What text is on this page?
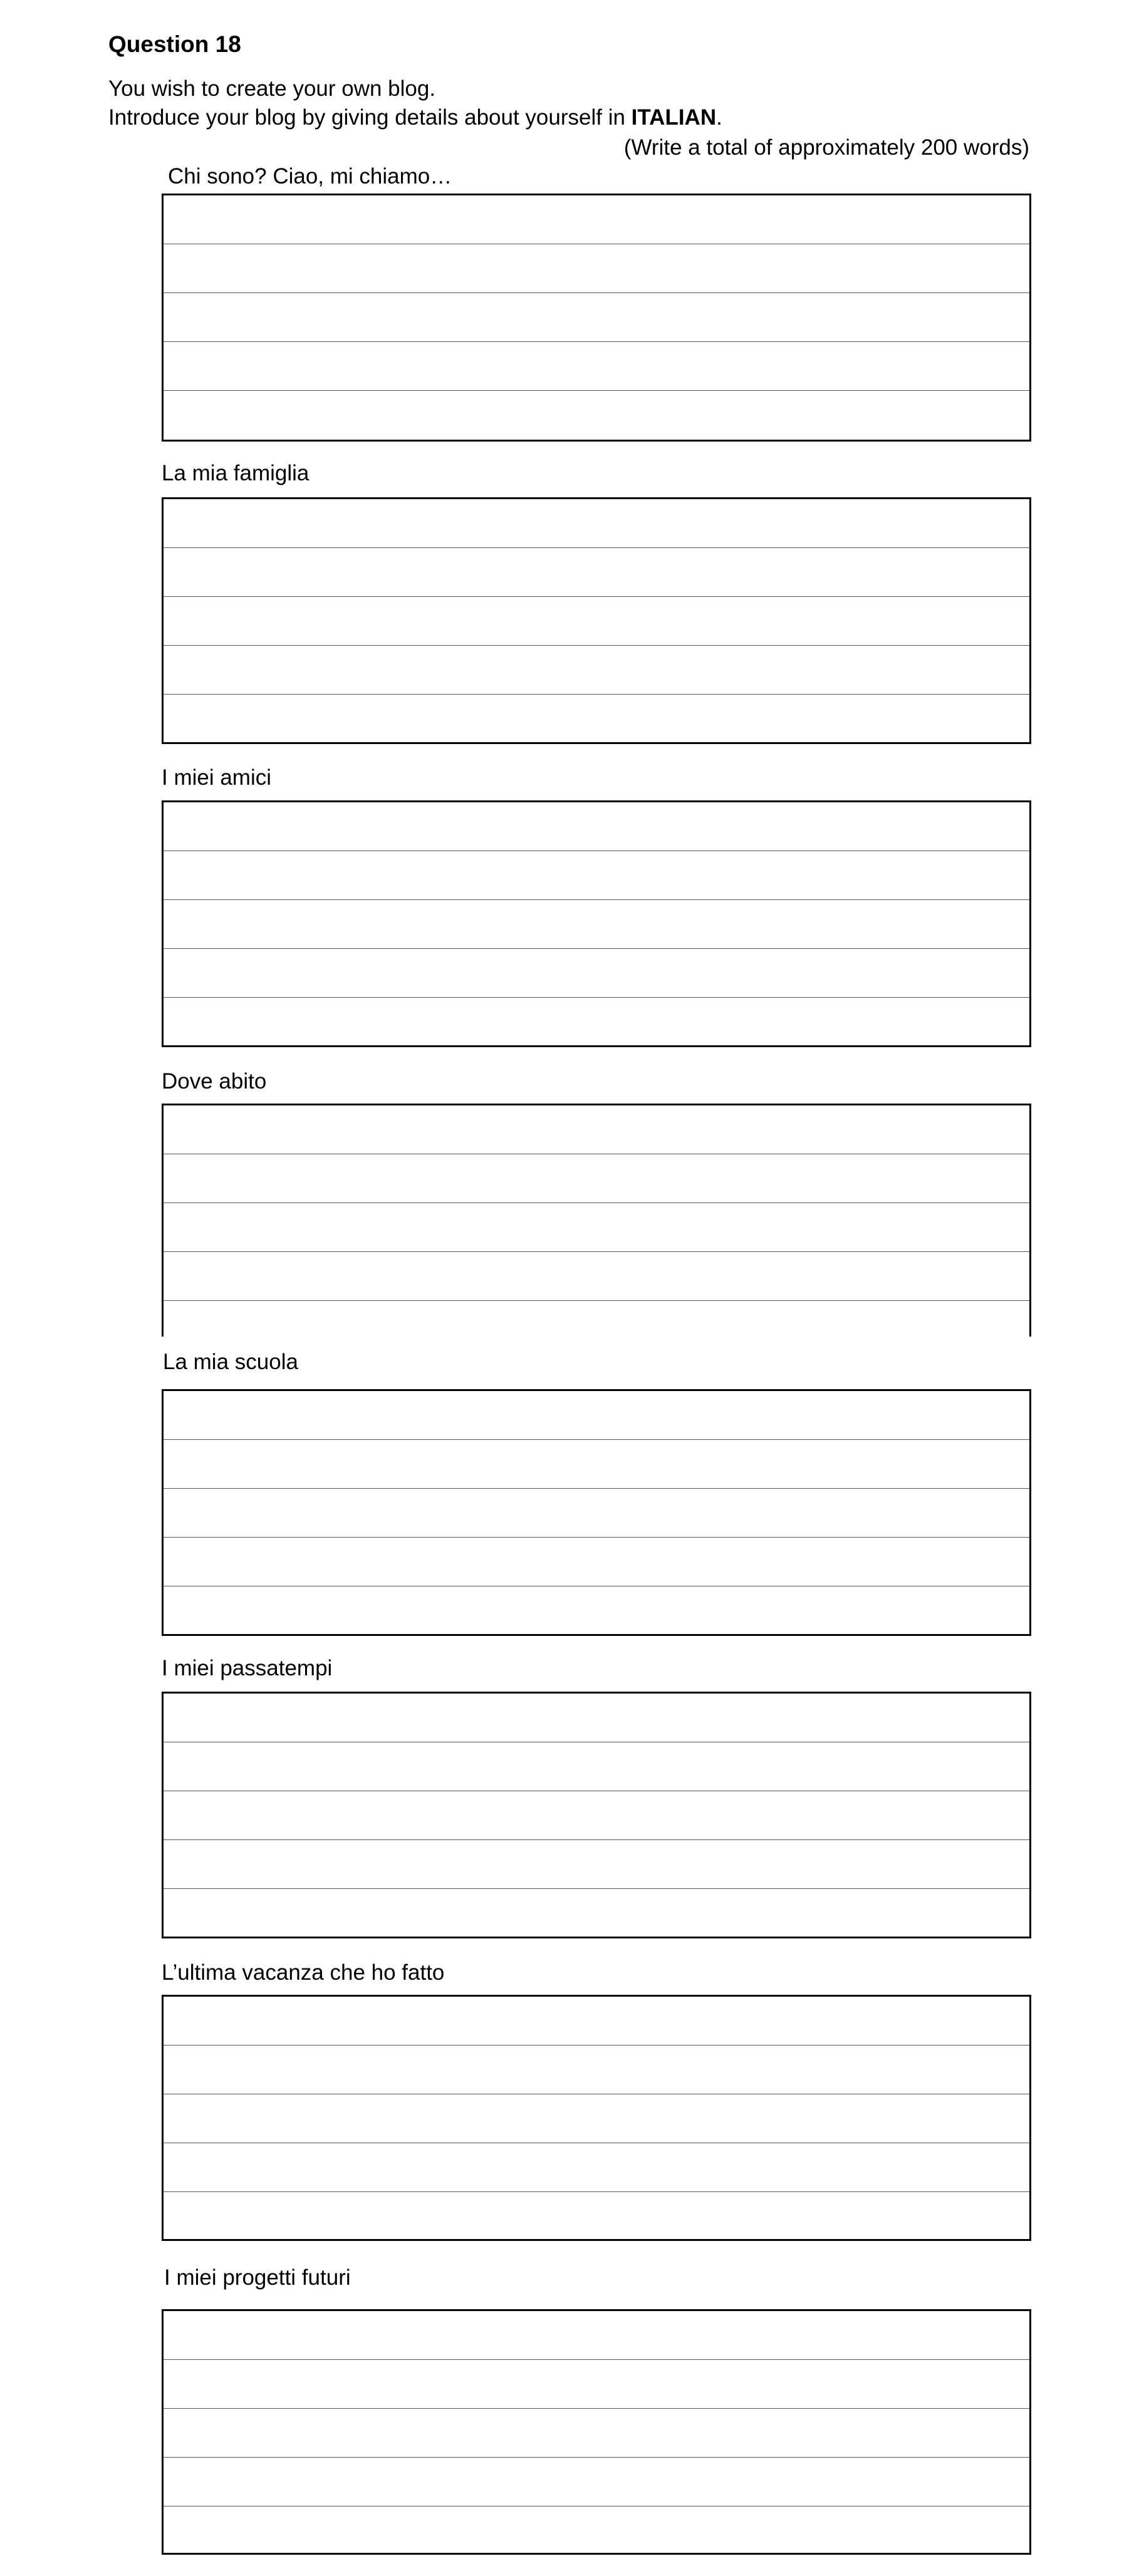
Question 18
You wish to create your own blog.
Introduce your blog by giving details about yourself in ITALIAN.
(Write a total of approximately 200 words)
Chi sono? Ciao, mi chiamo…
La mia famiglia
I miei amici
Dove abito
La mia scuola
I miei passatempi
L’ultima vacanza che ho fatto
I miei progetti futuri
